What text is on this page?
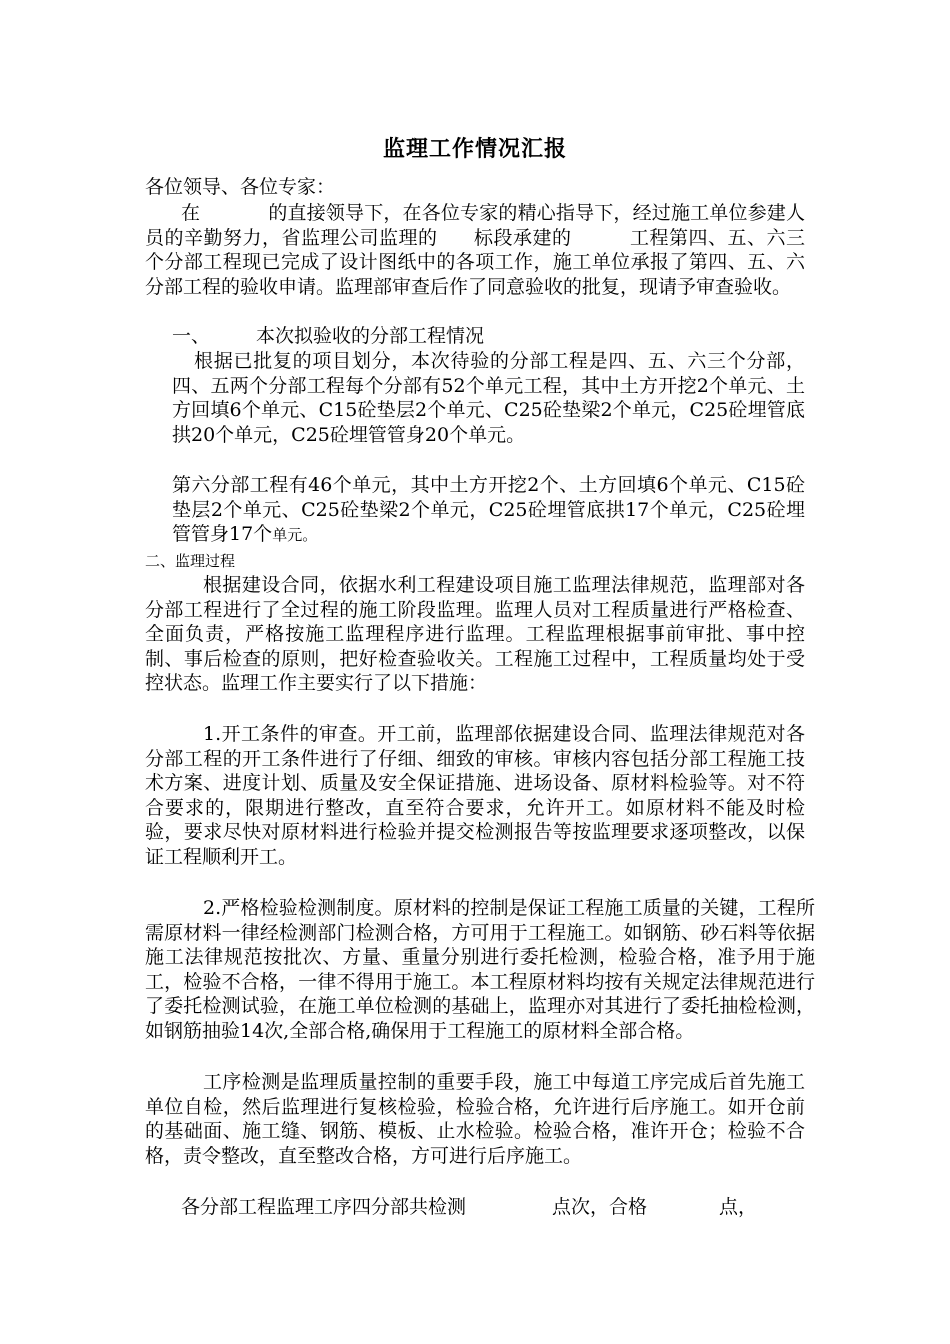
监理工作情况汇报
各位领导、各位专家：
在	的直接领导下，在各位专家的精心指导下，经过施工单位参建人员的辛勤努力，省监理公司监理的 标段承建的	工程第四、五、六三个分部工程现已完成了设计图纸中的各项工作，施工单位承报了第四、五、六分部工程的验收申请。监理部审查后作了同意验收的批复，现请予审查验收。
一、 本次拟验收的分部工程情况
根据已批复的项目划分，本次待验的分部工程是四、五、六三个分部，四、五两个分部工程每个分部有52个单元工程，其中土方开挖2个单元、土方回填6个单元、C15砼垫层2个单元、C25砼垫梁2个单元，C25砼埋管底拱20个单元，C25砼埋管管身20个单元。
第六分部工程有46个单元，其中土方开挖2个、土方回填6个单元、C15砼垫层2个单元、C25砼垫梁2个单元，C25砼埋管底拱17个单元，C25砼埋管管身17个单元。
二、监理过程
根据建设合同，依据水利工程建设项目施工监理法律规范，监理部对各分部工程进行了全过程的施工阶段监理。监理人员对工程质量进行严格检查、全面负责，严格按施工监理程序进行监理。工程监理根据事前审批、事中控制、事后检查的原则，把好检查验收关。工程施工过程中，工程质量均处于受控状态。监理工作主要实行了以下措施：
1.开工条件的审查。开工前，监理部依据建设合同、监理法律规范对各分部工程的开工条件进行了仔细、细致的审核。审核内容包括分部工程施工技术方案、进度计划、质量及安全保证措施、进场设备、原材料检验等。对不符合要求的，限期进行整改，直至符合要求，允许开工。如原材料不能及时检验，要求尽快对原材料进行检验并提交检测报告等按监理要求逐项整改，以保证工程顺利开工。
2.严格检验检测制度。原材料的控制是保证工程施工质量的关键，工程所需原材料一律经检测部门检测合格，方可用于工程施工。如钢筋、砂石料等依据施工法律规范按批次、方量、重量分别进行委托检测，检验合格，准予用于施工，检验不合格，一律不得用于施工。本工程原材料均按有关规定法律规范进行了委托检测试验，在施工单位检测的基础上，监理亦对其进行了委托抽检检测，如钢筋抽验14次,全部合格,确保用于工程施工的原材料全部合格。
工序检测是监理质量控制的重要手段，施工中每道工序完成后首先施工单位自检，然后监理进行复核检验，检验合格，允许进行后序施工。如开仓前的基础面、施工缝、钢筋、模板、止水检验。检验合格，准许开仓；检验不合格，责令整改，直至整改合格，方可进行后序施工。
各分部工程监理工序四分部共检测	点次，合格	点，
